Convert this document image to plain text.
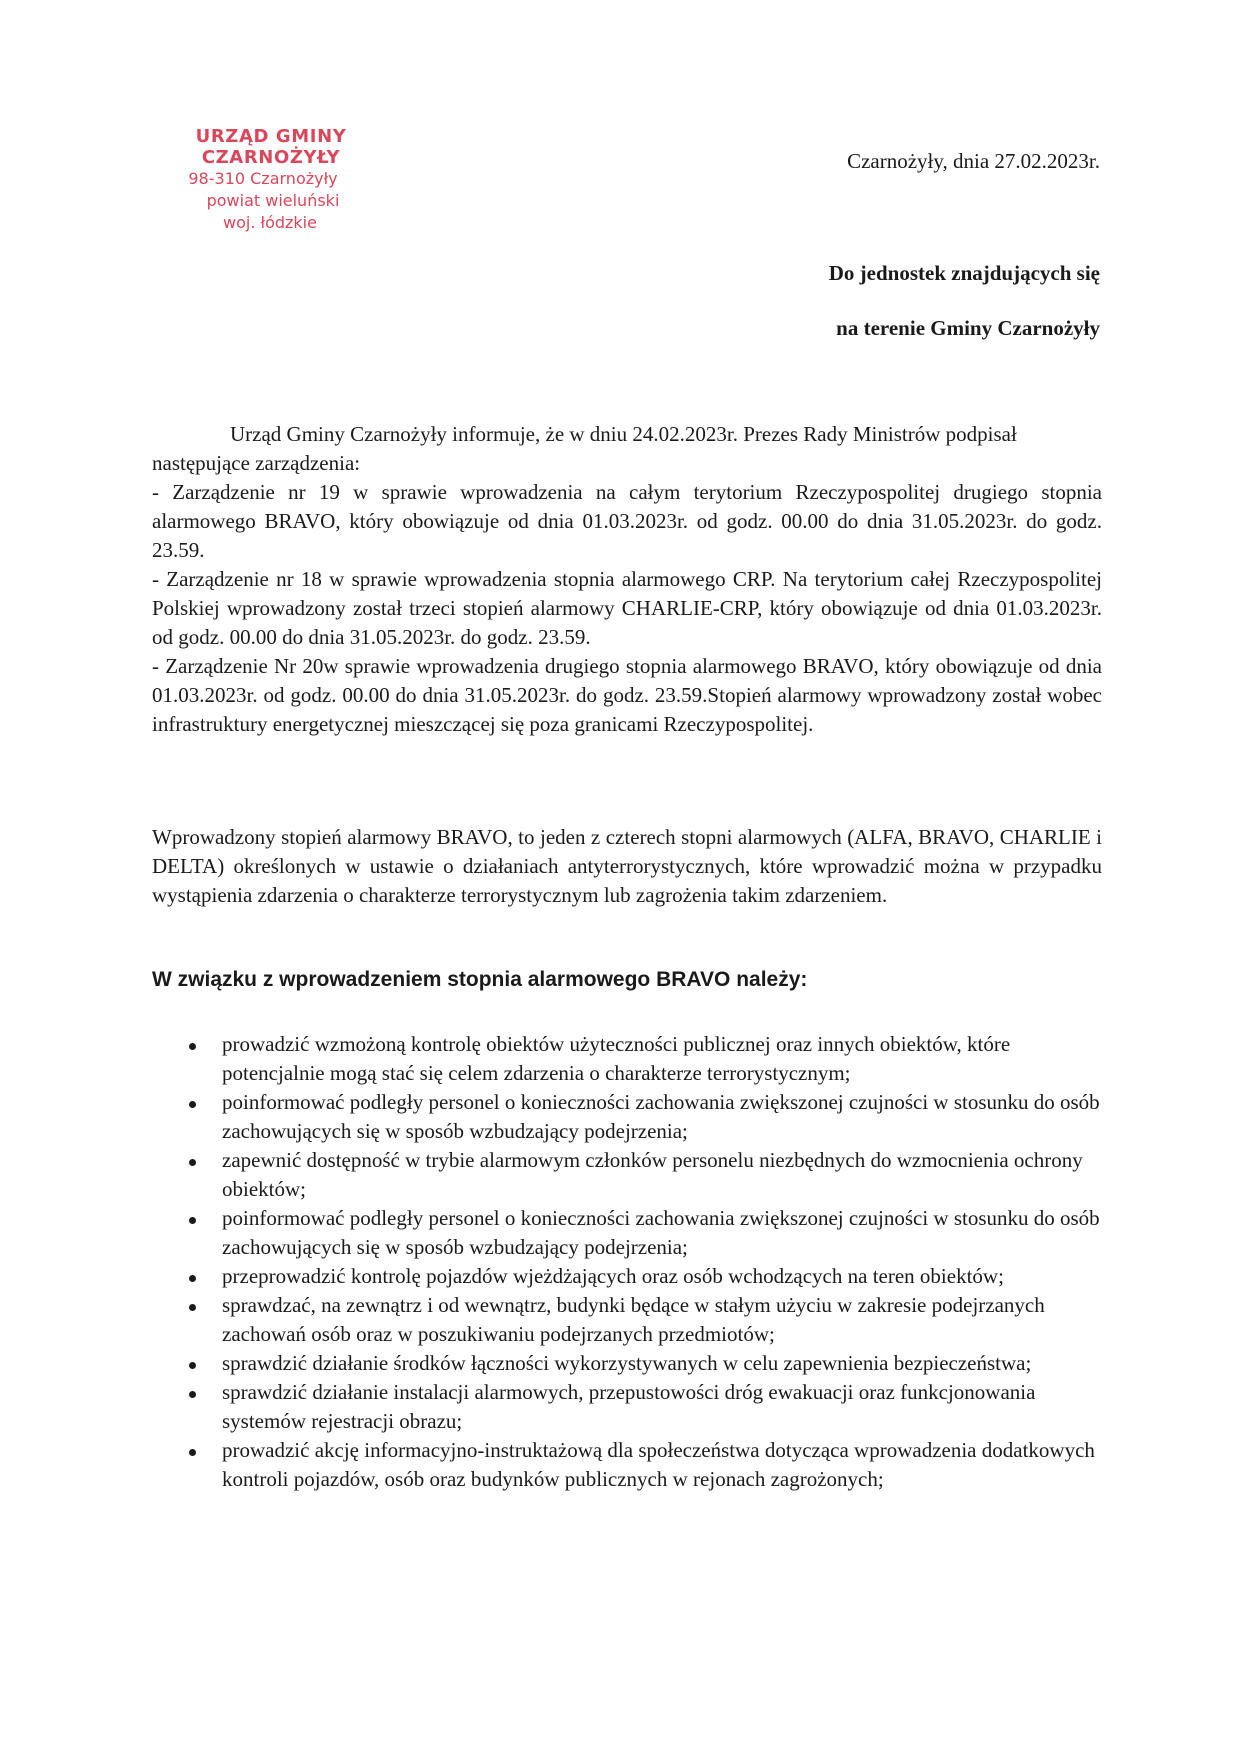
URZĄD GMINY CZARNOŻYŁY
98-310 Czarnożyły
powiat wieluński
woj. łódzkie
Czarnożyły, dnia 27.02.2023r.
Do jednostek znajdujących się
na terenie Gminy Czarnożyły

Urząd Gminy Czarnożyły informuje, że w dniu 24.02.2023r. Prezes Rady Ministrów podpisał następujące zarządzenia:

- Zarządzenie nr 19 w sprawie wprowadzenia na całym terytorium Rzeczypospolitej drugiego stopnia alarmowego BRAVO, który obowiązuje od dnia 01.03.2023r. od godz. 00.00 do dnia 31.05.2023r. do godz. 23.59.

- Zarządzenie nr 18 w sprawie wprowadzenia stopnia alarmowego CRP. Na terytorium całej Rzeczypospolitej Polskiej wprowadzony został trzeci stopień alarmowy CHARLIE-CRP, który obowiązuje od dnia 01.03.2023r. od godz. 00.00 do dnia 31.05.2023r. do godz. 23.59.

- Zarządzenie Nr 20w sprawie wprowadzenia drugiego stopnia alarmowego BRAVO, który obowiązuje od dnia 01.03.2023r. od godz. 00.00 do dnia 31.05.2023r. do godz. 23.59.Stopień alarmowy wprowadzony został wobec infrastruktury energetycznej mieszczącej się poza granicami Rzeczypospolitej.

Wprowadzony stopień alarmowy BRAVO, to jeden z czterech stopni alarmowych (ALFA, BRAVO, CHARLIE i DELTA) określonych w ustawie o działaniach antyterrorystycznych, które wprowadzić można w przypadku wystąpienia zdarzenia o charakterze terrorystycznym lub zagrożenia takim zdarzeniem.
W związku z wprowadzeniem stopnia alarmowego BRAVO należy:
prowadzić wzmożoną kontrolę obiektów użyteczności publicznej oraz innych obiektów, które potencjalnie mogą stać się celem zdarzenia o charakterze terrorystycznym;
poinformować podległy personel o konieczności zachowania zwiększonej czujności w stosunku do osób zachowujących się w sposób wzbudzający podejrzenia;
zapewnić dostępność w trybie alarmowym członków personelu niezbędnych do wzmocnienia ochrony obiektów;
poinformować podległy personel o konieczności zachowania zwiększonej czujności w stosunku do osób zachowujących się w sposób wzbudzający podejrzenia;
przeprowadzić kontrolę pojazdów wjeżdżających oraz osób wchodzących na teren obiektów;
sprawdzać, na zewnątrz i od wewnątrz, budynki będące w stałym użyciu w zakresie podejrzanych zachowań osób oraz w poszukiwaniu podejrzanych przedmiotów;
sprawdzić działanie środków łączności wykorzystywanych w celu zapewnienia bezpieczeństwa;
sprawdzić działanie instalacji alarmowych, przepustowości dróg ewakuacji oraz funkcjonowania systemów rejestracji obrazu;
prowadzić akcję informacyjno-instruktażową dla społeczeństwa dotycząca wprowadzenia dodatkowych kontroli pojazdów, osób oraz budynków publicznych w rejonach zagrożonych;
